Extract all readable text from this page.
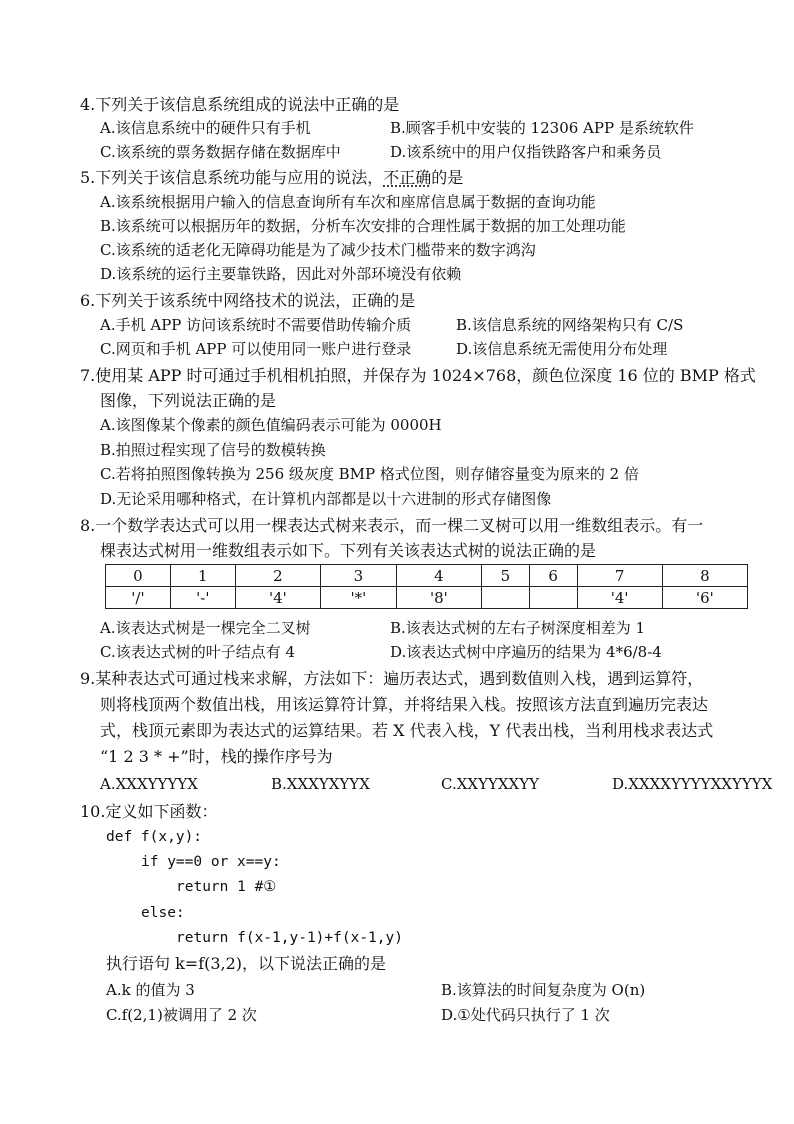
4.下列关于该信息系统组成的说法中正确的是
A.该信息系统中的硬件只有手机	B.顾客手机中安装的 12306 APP 是系统软件
C.该系统的票务数据存储在数据库中	D.该系统中的用户仅指铁路客户和乘务员
5.下列关于该信息系统功能与应用的说法，不正确的是
A.该系统根据用户输入的信息查询所有车次和座席信息属于数据的查询功能
B.该系统可以根据历年的数据，分析车次安排的合理性属于数据的加工处理功能
C.该系统的适老化无障碍功能是为了减少技术门槛带来的数字鸿沟
D.该系统的运行主要靠铁路，因此对外部环境没有依赖
6.下列关于该系统中网络技术的说法，正确的是
A.手机 APP 访问该系统时不需要借助传输介质	B.该信息系统的网络架构只有 C/S
C.网页和手机 APP 可以使用同一账户进行登录	D.该信息系统无需使用分布处理
7.使用某 APP 时可通过手机相机拍照，并保存为 1024×768，颜色位深度 16 位的 BMP 格式
图像，下列说法正确的是
A.该图像某个像素的颜色值编码表示可能为 0000H
B.拍照过程实现了信号的数模转换
C.若将拍照图像转换为 256 级灰度 BMP 格式位图，则存储容量变为原来的 2 倍
D.无论采用哪种格式，在计算机内部都是以十六进制的形式存储图像
8.一个数学表达式可以用一棵表达式树来表示，而一棵二叉树可以用一维数组表示。有一
棵表达式树用一维数组表示如下。下列有关该表达式树的说法正确的是
0	1	2	3	4	5	6	7	8
'/'	'-'	'4'	'*'	'8'			'4'	'6'
A.该表达式树是一棵完全二叉树	B.该表达式树的左右子树深度相差为 1
C.该表达式树的叶子结点有 4	D.该表达式树中序遍历的结果为 4*6/8-4
9.某种表达式可通过栈来求解，方法如下：遍历表达式，遇到数值则入栈，遇到运算符，
则将栈顶两个数值出栈，用该运算符计算，并将结果入栈。按照该方法直到遍历完表达
式，栈顶元素即为表达式的运算结果。若 X 代表入栈，Y 代表出栈，当利用栈求表达式
“1 2 3 * +”时，栈的操作序号为
A.XXXYYYYX	B.XXXYXYYX	C.XXYYXXYY	D.XXXXYYYYXXYYYX
10.定义如下函数：
def f(x,y):
if y==0 or x==y:
return 1 #①
else:
return f(x-1,y-1)+f(x-1,y)
执行语句 k=f(3,2)，以下说法正确的是
A.k 的值为 3	B.该算法的时间复杂度为 O(n)
C.f(2,1)被调用了 2 次	D.①处代码只执行了 1 次
